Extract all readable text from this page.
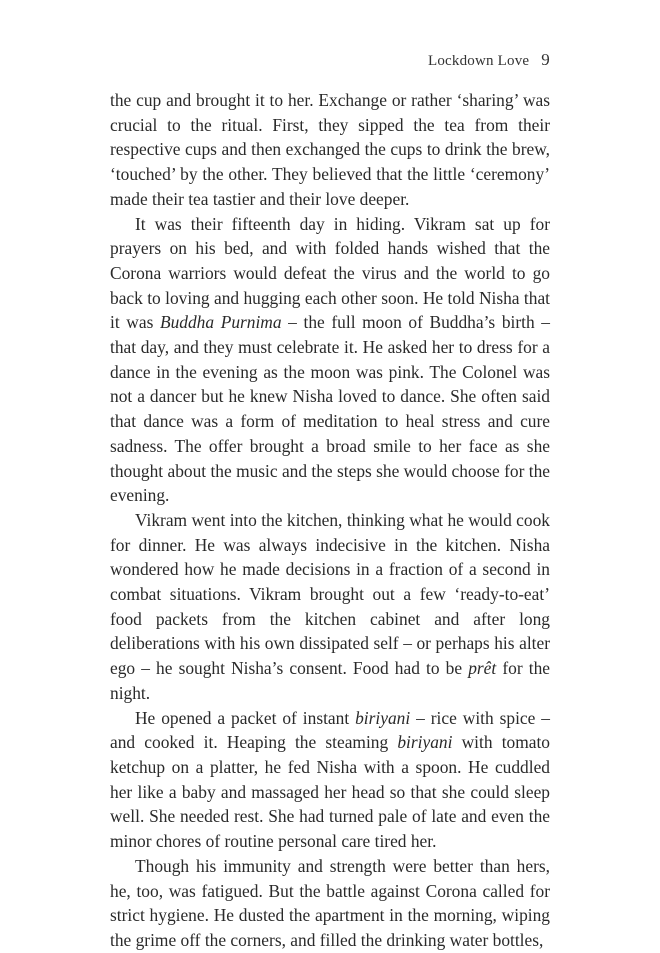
Lockdown Love 9

the cup and brought it to her. Exchange or rather ‘sharing’ was crucial to the ritual. First, they sipped the tea from their respective cups and then exchanged the cups to drink the brew, ‘touched’ by the other. They believed that the little ‘ceremony’ made their tea tastier and their love deeper.

It was their fifteenth day in hiding. Vikram sat up for prayers on his bed, and with folded hands wished that the Corona warriors would defeat the virus and the world to go back to loving and hugging each other soon. He told Nisha that it was Buddha Purnima – the full moon of Buddha’s birth – that day, and they must celebrate it. He asked her to dress for a dance in the evening as the moon was pink. The Colonel was not a dancer but he knew Nisha loved to dance. She often said that dance was a form of meditation to heal stress and cure sadness. The offer brought a broad smile to her face as she thought about the music and the steps she would choose for the evening.

Vikram went into the kitchen, thinking what he would cook for dinner. He was always indecisive in the kitchen. Nisha wondered how he made decisions in a fraction of a second in combat situations. Vikram brought out a few ‘ready-to-eat’ food packets from the kitchen cabinet and after long deliberations with his own dissipated self – or perhaps his alter ego – he sought Nisha’s consent. Food had to be prêt for the night.

He opened a packet of instant biriyani – rice with spice – and cooked it. Heaping the steaming biriyani with tomato ketchup on a platter, he fed Nisha with a spoon. He cuddled her like a baby and massaged her head so that she could sleep well. She needed rest. She had turned pale of late and even the minor chores of routine personal care tired her.

Though his immunity and strength were better than hers, he, too, was fatigued. But the battle against Corona called for strict hygiene. He dusted the apartment in the morning, wiping the grime off the corners, and filled the drinking water bottles,
